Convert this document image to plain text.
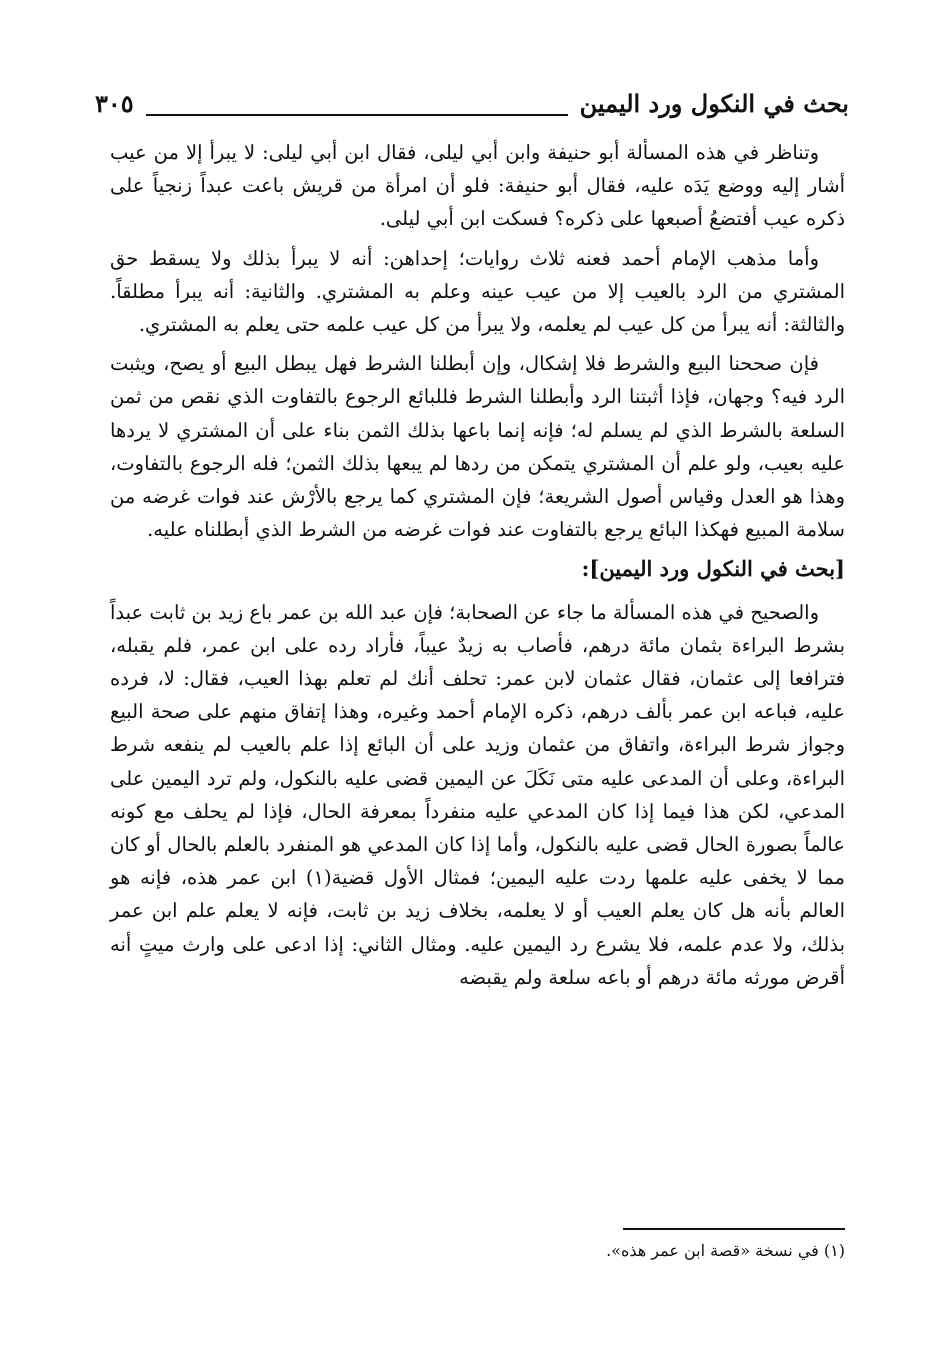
بحث في النكول ورد اليمين
٣٠٥

وتناظر في هذه المسألة أبو حنيفة وابن أبي ليلى، فقال ابن أبي ليلى: لا يبرأ إلا من عيب أشار إليه ووضع يَدَه عليه، فقال أبو حنيفة: فلو أن امرأة من قريش باعت عبداً زنجياً على ذكره عيب أفتضعُ أصبعها على ذكره؟ فسكت ابن أبي ليلى.

وأما مذهب الإمام أحمد فعنه ثلاث روايات؛ إحداهن: أنه لا يبرأ بذلك ولا يسقط حق المشتري من الرد بالعيب إلا من عيب عينه وعلم به المشتري. والثانية: أنه يبرأ مطلقاً. والثالثة: أنه يبرأ من كل عيب لم يعلمه، ولا يبرأ من كل عيب علمه حتى يعلم به المشتري.

فإن صححنا البيع والشرط فلا إشكال، وإن أبطلنا الشرط فهل يبطل البيع أو يصح، ويثبت الرد فيه؟ وجهان، فإذا أثبتنا الرد وأبطلنا الشرط فللبائع الرجوع بالتفاوت الذي نقص من ثمن السلعة بالشرط الذي لم يسلم له؛ فإنه إنما باعها بذلك الثمن بناء على أن المشتري لا يردها عليه بعيب، ولو علم أن المشتري يتمكن من ردها لم يبعها بذلك الثمن؛ فله الرجوع بالتفاوت، وهذا هو العدل وقياس أصول الشريعة؛ فإن المشتري كما يرجع بالأرْش عند فوات غرضه من سلامة المبيع فهكذا البائع يرجع بالتفاوت عند فوات غرضه من الشرط الذي أبطلناه عليه.

[بحث في النكول ورد اليمين]:

والصحيح في هذه المسألة ما جاء عن الصحابة؛ فإن عبد الله بن عمر باع زيد بن ثابت عبداً بشرط البراءة بثمان مائة درهم، فأصاب به زيدٌ عيباً، فأراد رده على ابن عمر، فلم يقبله، فترافعا إلى عثمان، فقال عثمان لابن عمر: تحلف أنك لم تعلم بهذا العيب، فقال: لا، فرده عليه، فباعه ابن عمر بألف درهم، ذكره الإمام أحمد وغيره، وهذا إتفاق منهم على صحة البيع وجواز شرط البراءة، واتفاق من عثمان وزيد على أن البائع إذا علم بالعيب لم ينفعه شرط البراءة، وعلى أن المدعى عليه متى نَكَلَ عن اليمين قضى عليه بالنكول، ولم ترد اليمين على المدعي، لكن هذا فيما إذا كان المدعي عليه منفرداً بمعرفة الحال، فإذا لم يحلف مع كونه عالماً بصورة الحال قضى عليه بالنكول، وأما إذا كان المدعي هو المنفرد بالعلم بالحال أو كان مما لا يخفى عليه علمها ردت عليه اليمين؛ فمثال الأول قضية(١) ابن عمر هذه، فإنه هو العالم بأنه هل كان يعلم العيب أو لا يعلمه، بخلاف زيد بن ثابت، فإنه لا يعلم علم ابن عمر بذلك، ولا عدم علمه، فلا يشرع رد اليمين عليه. ومثال الثاني: إذا ادعى على وارث ميتٍ أنه أقرض مورثه مائة درهم أو باعه سلعة ولم يقبضه

(١) في نسخة «قصة ابن عمر هذه».
